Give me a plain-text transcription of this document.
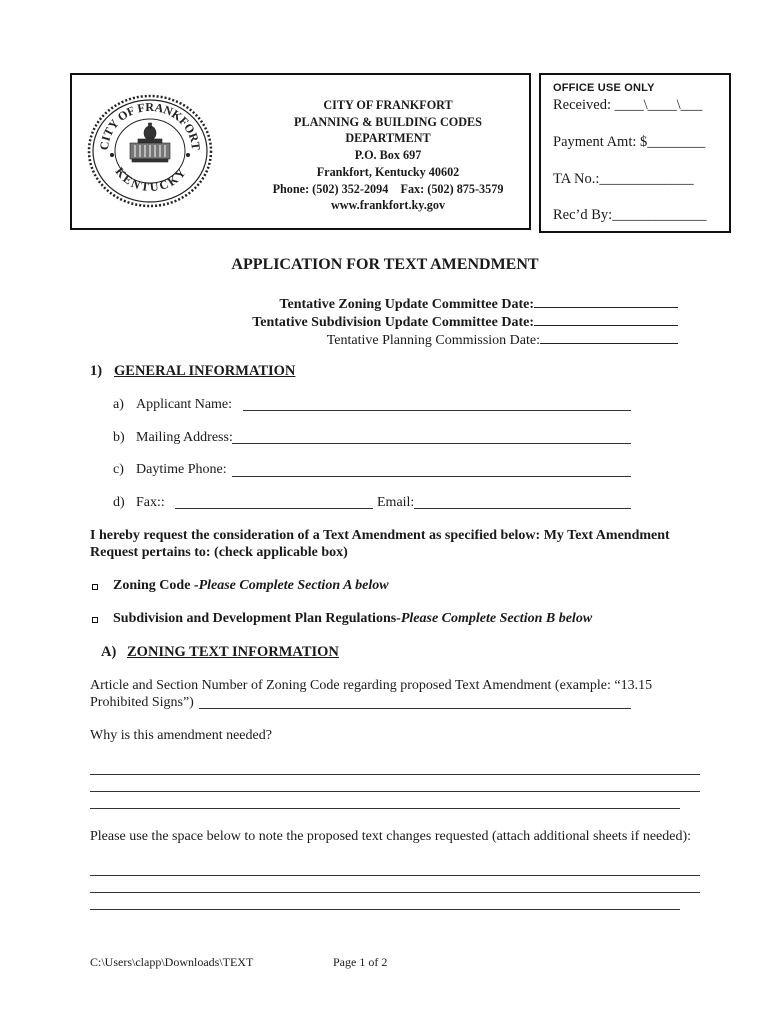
OFFICE USE ONLY
Received: ____\____\___
Payment Amt: $________
TA No.:_____________
Rec’d By:_____________
CITY OF FRANKFORT
KENTUCKY
CITY OF FRANKFORT
PLANNING & BUILDING CODES
DEPARTMENT
P.O. Box 697
Frankfort, Kentucky 40602
Phone: (502) 352-2094    Fax: (502) 875-3579
www.frankfort.ky.gov
APPLICATION FOR TEXT AMENDMENT
Tentative Zoning Update Committee Date:
Tentative Subdivision Update Committee Date:
Tentative Planning Commission Date:
1) GENERAL INFORMATION
a) Applicant Name:
b) Mailing Address:
c) Daytime Phone:
d) Fax::	Email:
I hereby request the consideration of a Text Amendment as specified below: My Text Amendment
Request pertains to: (check applicable box)
Zoning Code -Please Complete Section A below
Subdivision and Development Plan Regulations-Please Complete Section B below
A) ZONING TEXT INFORMATION
Article and Section Number of Zoning Code regarding proposed Text Amendment (example: “13.15
Prohibited Signs”)
Why is this amendment needed?
Please use the space below to note the proposed text changes requested (attach additional sheets if needed):
C:\Users\clapp\Downloads\TEXT	Page 1 of 2
